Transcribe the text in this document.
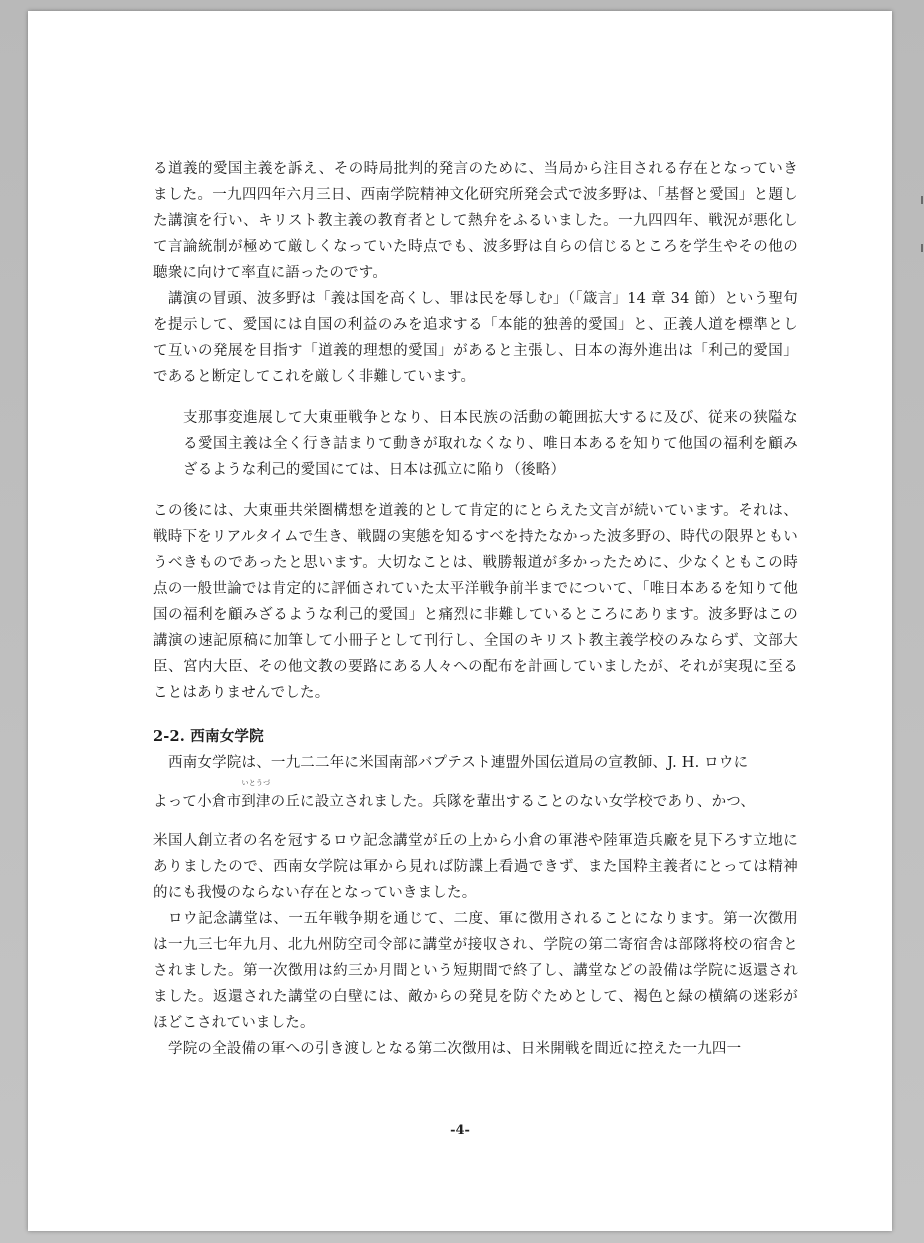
る道義的愛国主義を訴え、その時局批判的発言のために、当局から注目される存在となっていきました。一九四四年六月三日、西南学院精神文化研究所発会式で波多野は、「基督と愛国」と題した講演を行い、キリスト教主義の教育者として熱弁をふるいました。一九四四年、戦況が悪化して言論統制が極めて厳しくなっていた時点でも、波多野は自らの信じるところを学生やその他の聴衆に向けて率直に語ったのです。

講演の冒頭、波多野は「義は国を高くし、罪は民を辱しむ」（「箴言」14 章 34 節）という聖句を提示して、愛国には自国の利益のみを追求する「本能的独善的愛国」と、正義人道を標準として互いの発展を目指す「道義的理想的愛国」があると主張し、日本の海外進出は「利己的愛国」であると断定してこれを厳しく非難しています。

支那事変進展して大東亜戦争となり、日本民族の活動の範囲拡大するに及び、従来の狭隘なる愛国主義は全く行き詰まりて動きが取れなくなり、唯日本あるを知りて他国の福利を顧みざるような利己的愛国にては、日本は孤立に陥り（後略）

この後には、大東亜共栄圏構想を道義的として肯定的にとらえた文言が続いています。それは、戦時下をリアルタイムで生き、戦闘の実態を知るすべを持たなかった波多野の、時代の限界ともいうべきものであったと思います。大切なことは、戦勝報道が多かったために、少なくともこの時点の一般世論では肯定的に評価されていた太平洋戦争前半までについて、「唯日本あるを知りて他国の福利を顧みざるような利己的愛国」と痛烈に非難しているところにあります。波多野はこの講演の速記原稿に加筆して小冊子として刊行し、全国のキリスト教主義学校のみならず、文部大臣、宮内大臣、その他文教の要路にある人々への配布を計画していましたが、それが実現に至ることはありませんでした。

2-2. 西南女学院

西南女学院は、一九二二年に米国南部バプテスト連盟外国伝道局の宣教師、J. H. ロウに

よって小倉市
いとうづ
到津の丘に設立されました。兵隊を輩出することのない女学校であり、かつ、

米国人創立者の名を冠するロウ記念講堂が丘の上から小倉の軍港や陸軍造兵廠を見下ろす立地にありましたので、西南女学院は軍から見れば防諜上看過できず、また国粋主義者にとっては精神的にも我慢のならない存在となっていきました。

ロウ記念講堂は、一五年戦争期を通じて、二度、軍に徴用されることになります。第一次徴用は一九三七年九月、北九州防空司令部に講堂が接収され、学院の第二寄宿舎は部隊将校の宿舎とされました。第一次徴用は約三か月間という短期間で終了し、講堂などの設備は学院に返還されました。返還された講堂の白壁には、敵からの発見を防ぐためとして、褐色と緑の横縞の迷彩がほどこされていました。

学院の全設備の軍への引き渡しとなる第二次徴用は、日米開戦を間近に控えた一九四一

-4-
